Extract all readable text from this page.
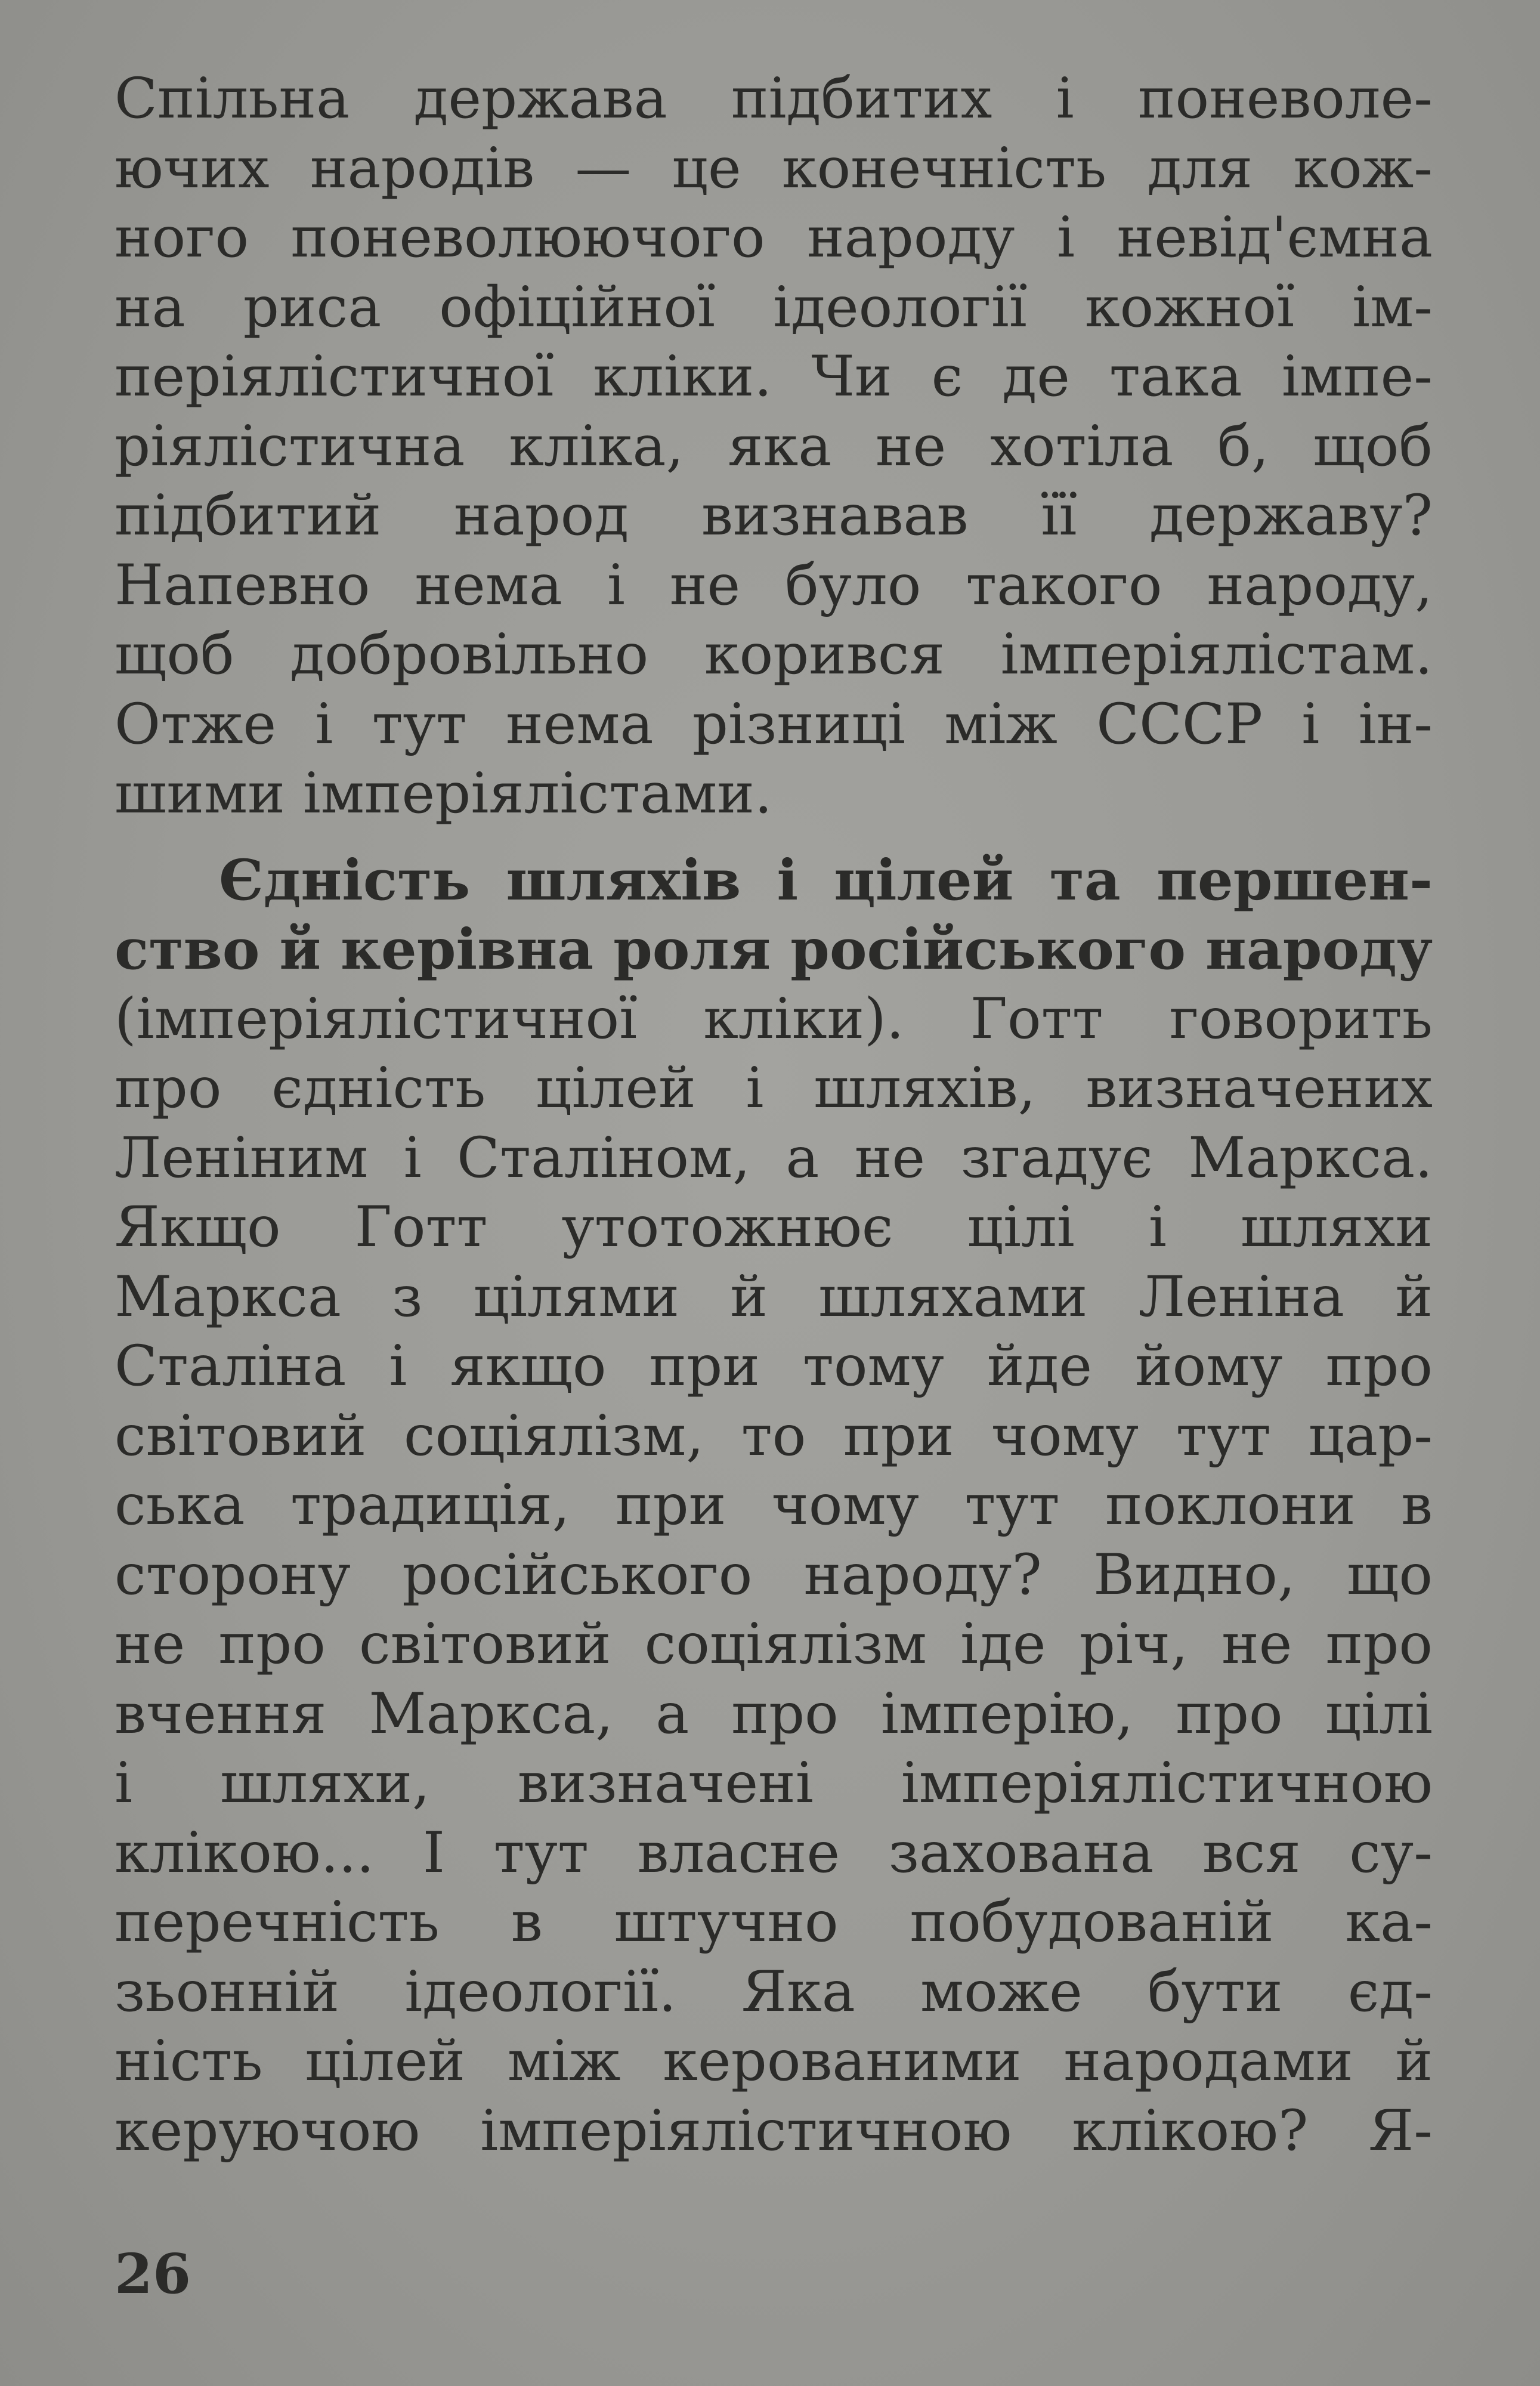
Спільна держава підбитих і поневоле-
ючих народів — це конечність для кож-
ного поневолюючого народу і невід'ємна
на риса офіційної ідеології кожної ім-
періялістичної кліки. Чи є де така імпе-
ріялістична кліка, яка не хотіла б, щоб
підбитий народ визнавав її державу?
Напевно нема і не було такого народу,
щоб добровільно корився імперіялістам.
Отже і тут нема різниці між СССР і ін-
шими імперіялістами.
Єдність шляхів і цілей та першен-
ство й керівна роля російського народу
(імперіялістичної кліки). Готт говорить
про єдність цілей і шляхів, визначених
Леніним і Сталіном, а не згадує Маркса.
Якщо Готт утотожнює цілі і шляхи
Маркса з цілями й шляхами Леніна й
Сталіна і якщо при тому йде йому про
світовий соціялізм, то при чому тут цар-
ська традиція, при чому тут поклони в
сторону російського народу? Видно, що
не про світовий соціялізм іде річ, не про
вчення Маркса, а про імперію, про цілі
і шляхи, визначені імперіялістичною
клікою... І тут власне захована вся су-
перечність в штучно побудованій ка-
зьонній ідеології. Яка може бути єд-
ність цілей між керованими народами й
керуючою імперіялістичною клікою? Я-
26
